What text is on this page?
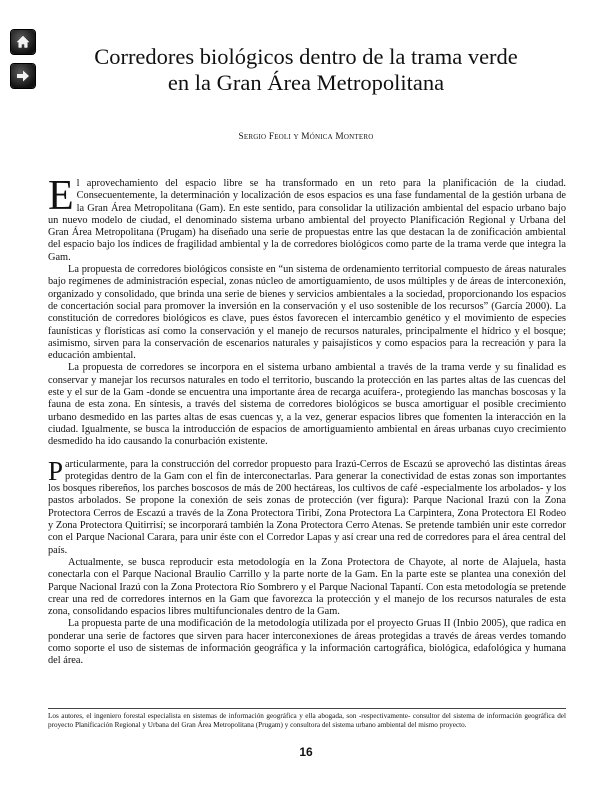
Corredores biológicos dentro de la trama verde
en la Gran Área Metropolitana
Sergio Feoli y Mónica Montero

El aprovechamiento del espacio libre se ha transformado en un reto para la planificación de la ciudad. Consecuentemente, la determinación y localización de esos espacios es una fase fundamental de la gestión urbana de la Gran Área Metropolitana (Gam). En este sentido, para consolidar la utilización ambiental del espacio urbano bajo un nuevo modelo de ciudad, el denominado sistema urbano ambiental del proyecto Planificación Regional y Urbana del Gran Área Metropolitana (Prugam) ha diseñado una serie de propuestas entre las que destacan la de zonificación ambiental del espacio bajo los índices de fragilidad ambiental y la de corredores biológicos como parte de la trama verde que integra la Gam.

La propuesta de corredores biológicos consiste en “un sistema de ordenamiento territorial compuesto de áreas naturales bajo regímenes de administración especial, zonas núcleo de amortiguamiento, de usos múltiples y de áreas de interconexión, organizado y consolidado, que brinda una serie de bienes y servicios ambientales a la sociedad, proporcionando los espacios de concertación social para promover la inversión en la conservación y el uso sostenible de los recursos” (García 2000). La constitución de corredores biológicos es clave, pues éstos favorecen el intercambio genético y el movimiento de especies faunísticas y florísticas así como la conservación y el manejo de recursos naturales, principalmente el hídrico y el bosque; asimismo, sirven para la conservación de escenarios naturales y paisajísticos y como espacios para la recreación y para la educación ambiental.

La propuesta de corredores se incorpora en el sistema urbano ambiental a través de la trama verde y su finalidad es conservar y manejar los recursos naturales en todo el territorio, buscando la protección en las partes altas de las cuencas del este y el sur de la Gam -donde se encuentra una importante área de recarga acuífera-, protegiendo las manchas boscosas y la fauna de esta zona. En síntesis, a través del sistema de corredores biológicos se busca amortiguar el posible crecimiento urbano desmedido en las partes altas de esas cuencas y, a la vez, generar espacios libres que fomenten la interacción en la ciudad. Igualmente, se busca la introducción de espacios de amortiguamiento ambiental en áreas urbanas cuyo crecimiento desmedido ha ido causando la conurbación existente.

Particularmente, para la construcción del corredor propuesto para Irazú-Cerros de Escazú se aprovechó las distintas áreas protegidas dentro de la Gam con el fin de interconectarlas. Para generar la conectividad de estas zonas son importantes los bosques ribereños, los parches boscosos de más de 200 hectáreas, los cultivos de café -especialmente los arbolados- y los pastos arbolados. Se propone la conexión de seis zonas de protección (ver figura): Parque Nacional Irazú con la Zona Protectora Cerros de Escazú a través de la Zona Protectora Tiribí, Zona Protectora La Carpintera, Zona Protectora El Rodeo y Zona Protectora Quitirrisí; se incorporará también la Zona Protectora Cerro Atenas. Se pretende también unir este corredor con el Parque Nacional Carara, para unir éste con el Corredor Lapas y así crear una red de corredores para el área central del país.

Actualmente, se busca reproducir esta metodología en la Zona Protectora de Chayote, al norte de Alajuela, hasta conectarla con el Parque Nacional Braulio Carrillo y la parte norte de la Gam. En la parte este se plantea una conexión del Parque Nacional Irazú con la Zona Protectora Río Sombrero y el Parque Nacional Tapantí. Con esta metodología se pretende crear una red de corredores internos en la Gam que favorezca la protección y el manejo de los recursos naturales de esta zona, consolidando espacios libres multifuncionales dentro de la Gam.

La propuesta parte de una modificación de la metodología utilizada por el proyecto Gruas II (Inbio 2005), que radica en ponderar una serie de factores que sirven para hacer interconexiones de áreas protegidas a través de áreas verdes tomando como soporte el uso de sistemas de información geográfica y la información cartográfica, biológica, edafológica y humana del área.

Los autores, el ingeniero forestal especialista en sistemas de información geográfica y ella abogada, son -respectivamente- consultor del sistema de información geográfica del proyecto Planificación Regional y Urbana del Gran Área Metropolitana (Prugam) y consultora del sistema urbano ambiental del mismo proyecto.
16
